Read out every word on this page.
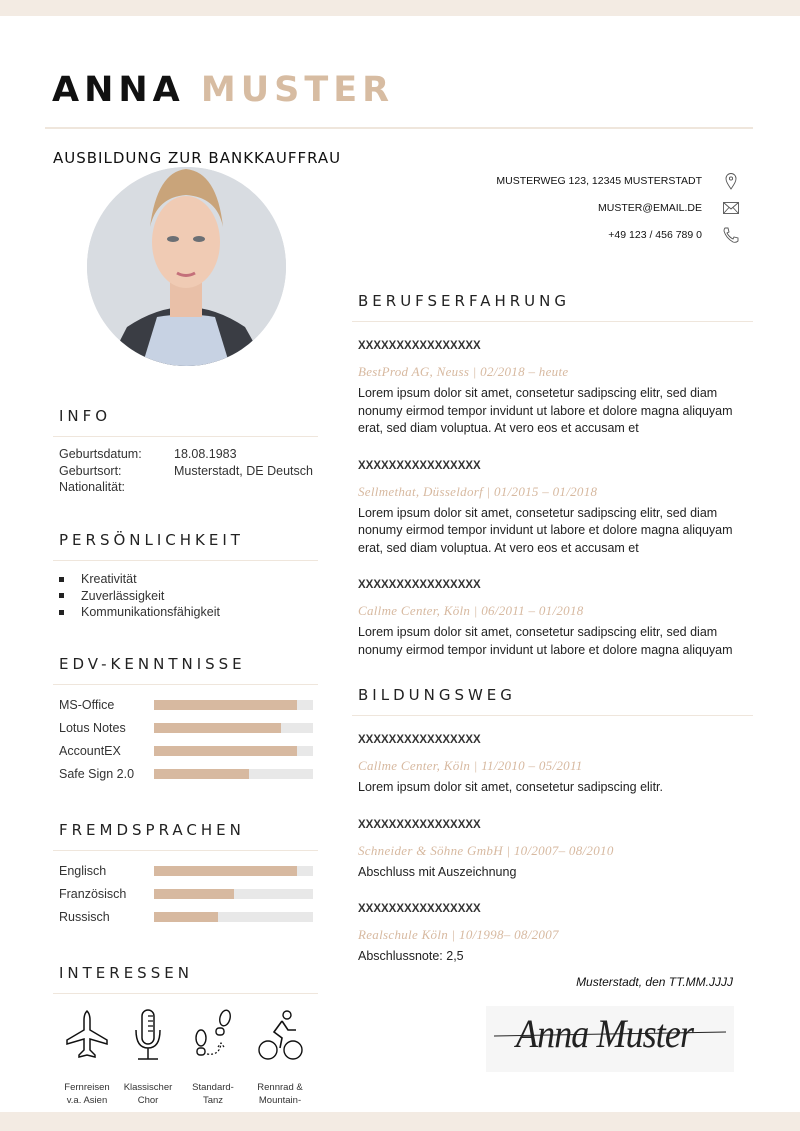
ANNA MUSTER
AUSBILDUNG ZUR BANKKAUFFRAU
MUSTERWEG 123, 12345 MUSTERSTADT
MUSTER@EMAIL.DE
+49 123 / 456 789 0
INFO
Geburtsdatum:	18.08.1983
Geburtsort:	Musterstadt, DE Deutsch
Nationalität:
PERSÖNLICHKEIT
Kreativität
Zuverlässigkeit
Kommunikationsfähigkeit
EDV-KENNTNISSE
MS-Office
Lotus Notes
AccountEX
Safe Sign 2.0
FREMDSPRACHEN
Englisch
Französisch
Russisch
INTERESSEN
Fernreisen
v.a. Asien
Klassischer
Chor
Standard-
Tanz
Rennrad &
Mountain-
BERUFSERFAHRUNG
XXXXXXXXXXXXXXXX
BestProd AG, Neuss | 02/2018 – heute
Lorem ipsum dolor sit amet, consetetur sadipscing elitr, sed diam nonumy eirmod tempor invidunt ut labore et dolore magna aliquyam erat, sed diam voluptua. At vero eos et accusam et
XXXXXXXXXXXXXXXX
Sellmethat, Düsseldorf | 01/2015 – 01/2018
Lorem ipsum dolor sit amet, consetetur sadipscing elitr, sed diam nonumy eirmod tempor invidunt ut labore et dolore magna aliquyam erat, sed diam voluptua. At vero eos et accusam et
XXXXXXXXXXXXXXXX
Callme Center, Köln | 06/2011 – 01/2018
Lorem ipsum dolor sit amet, consetetur sadipscing elitr, sed diam nonumy eirmod tempor invidunt ut labore et dolore magna aliquyam
BILDUNGSWEG
XXXXXXXXXXXXXXXX
Callme Center, Köln | 11/2010 – 05/2011
Lorem ipsum dolor sit amet, consetetur sadipscing elitr.
XXXXXXXXXXXXXXXX
Schneider & Söhne GmbH | 10/2007– 08/2010
Abschluss mit Auszeichnung
XXXXXXXXXXXXXXXX
Realschule Köln | 10/1998– 08/2007
Abschlussnote: 2,5
Musterstadt, den TT.MM.JJJJ
Anna Muster
